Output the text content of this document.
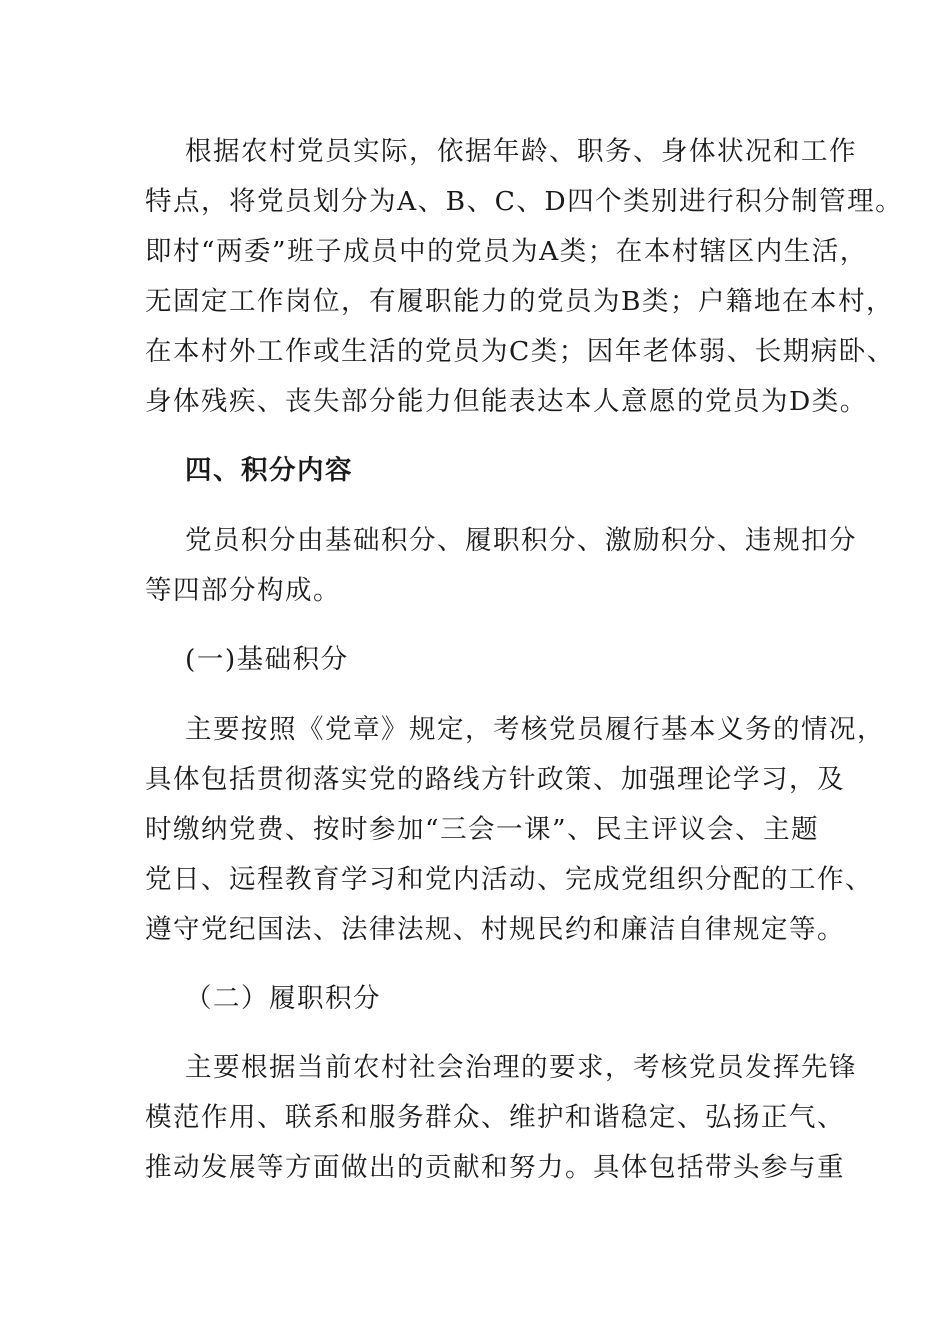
根据农村党员实际，依据年龄、职务、身体状况和工作
特点，将党员划分为A、B、C、D四个类别进行积分制管理。
即村“两委”班子成员中的党员为A类；在本村辖区内生活，
无固定工作岗位，有履职能力的党员为B类；户籍地在本村，
在本村外工作或生活的党员为C类；因年老体弱、长期病卧、
身体残疾、丧失部分能力但能表达本人意愿的党员为D类。
四、积分内容
党员积分由基础积分、履职积分、激励积分、违规扣分
等四部分构成。
(一)基础积分
主要按照《党章》规定，考核党员履行基本义务的情况，
具体包括贯彻落实党的路线方针政策、加强理论学习，及
时缴纳党费、按时参加“三会一课”、民主评议会、主题
党日、远程教育学习和党内活动、完成党组织分配的工作、
遵守党纪国法、法律法规、村规民约和廉洁自律规定等。
（二）履职积分
主要根据当前农村社会治理的要求，考核党员发挥先锋
模范作用、联系和服务群众、维护和谐稳定、弘扬正气、
推动发展等方面做出的贡献和努力。具体包括带头参与重
